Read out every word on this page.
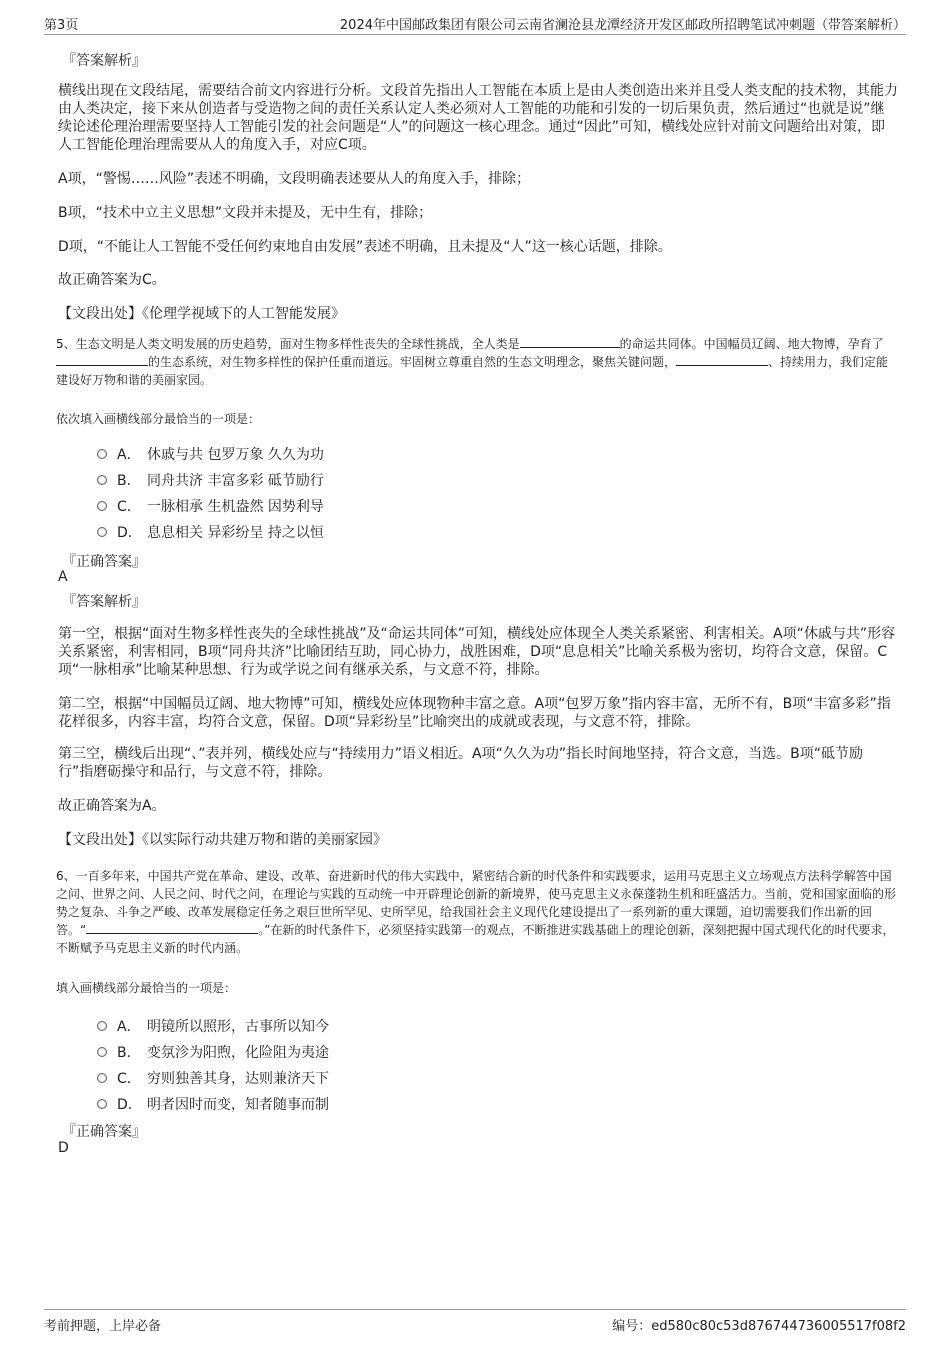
第3页	2024年中国邮政集团有限公司云南省澜沧县龙潭经济开发区邮政所招聘笔试冲刺题（带答案解析）
『答案解析』
横线出现在文段结尾，需要结合前文内容进行分析。文段首先指出人工智能在本质上是由人类创造出来并且受人类支配的技术物，其能力由人类决定，接下来从创造者与受造物之间的责任关系认定人类必须对人工智能的功能和引发的一切后果负责，然后通过“也就是说”继续论述伦理治理需要坚持人工智能引发的社会问题是“人”的问题这一核心理念。通过“因此”可知，横线处应针对前文问题给出对策，即人工智能伦理治理需要从人的角度入手，对应C项。
A项，“警惕……风险”表述不明确，文段明确表述要从人的角度入手，排除；
B项，“技术中立主义思想”文段并未提及，无中生有，排除；
D项，“不能让人工智能不受任何约束地自由发展”表述不明确，且未提及“人”这一核心话题，排除。
故正确答案为C。
【文段出处】《伦理学视域下的人工智能发展》
5、生态文明是人类文明发展的历史趋势，面对生物多样性丧失的全球性挑战，全人类是	的命运共同体。中国幅员辽阔、地大物博，孕育了的生态系统，对生物多样性的保护任重而道远。牢固树立尊重自然的生态文明理念，聚焦关键问题，	、持续用力，我们定能建设好万物和谐的美丽家园。
依次填入画横线部分最恰当的一项是：
A． 休戚与共 包罗万象 久久为功
B． 同舟共济 丰富多彩 砥节励行
C． 一脉相承 生机盎然 因势利导
D． 息息相关 异彩纷呈 持之以恒
『正确答案』
A
『答案解析』
第一空，根据“面对生物多样性丧失的全球性挑战”及“命运共同体”可知，横线处应体现全人类关系紧密、利害相关。A项“休戚与共”形容关系紧密，利害相同，B项“同舟共济”比喻团结互助，同心协力，战胜困难，D项“息息相关”比喻关系极为密切，均符合文意，保留。C项“一脉相承”比喻某种思想、行为或学说之间有继承关系，与文意不符，排除。
第二空，根据“中国幅员辽阔、地大物博”可知，横线处应体现物种丰富之意。A项“包罗万象”指内容丰富，无所不有，B项“丰富多彩”指花样很多，内容丰富，均符合文意，保留。D项“异彩纷呈”比喻突出的成就或表现，与文意不符，排除。
第三空，横线后出现“、”表并列，横线处应与“持续用力”语义相近。A项“久久为功”指长时间地坚持，符合文意，当选。B项“砥节励行”指磨砺操守和品行，与文意不符，排除。
故正确答案为A。
【文段出处】《以实际行动共建万物和谐的美丽家园》
6、一百多年来，中国共产党在革命、建设、改革、奋进新时代的伟大实践中，紧密结合新的时代条件和实践要求，运用马克思主义立场观点方法科学解答中国之问、世界之问、人民之问、时代之问，在理论与实践的互动统一中开辟理论创新的新境界，使马克思主义永葆蓬勃生机和旺盛活力。当前，党和国家面临的形势之复杂、斗争之严峻、改革发展稳定任务之艰巨世所罕见、史所罕见，给我国社会主义现代化建设提出了一系列新的重大课题，迫切需要我们作出新的回答。“	。”在新的时代条件下，必须坚持实践第一的观点，不断推进实践基础上的理论创新，深刻把握中国式现代化的时代要求，不断赋予马克思主义新的时代内涵。
填入画横线部分最恰当的一项是：
A． 明镜所以照形，古事所以知今
B． 变氛沴为阳煦，化险阻为夷途
C． 穷则独善其身，达则兼济天下
D． 明者因时而变，知者随事而制
『正确答案』
D
考前押题，上岸必备	编号：ed580c80c53d876744736005517f08f2
